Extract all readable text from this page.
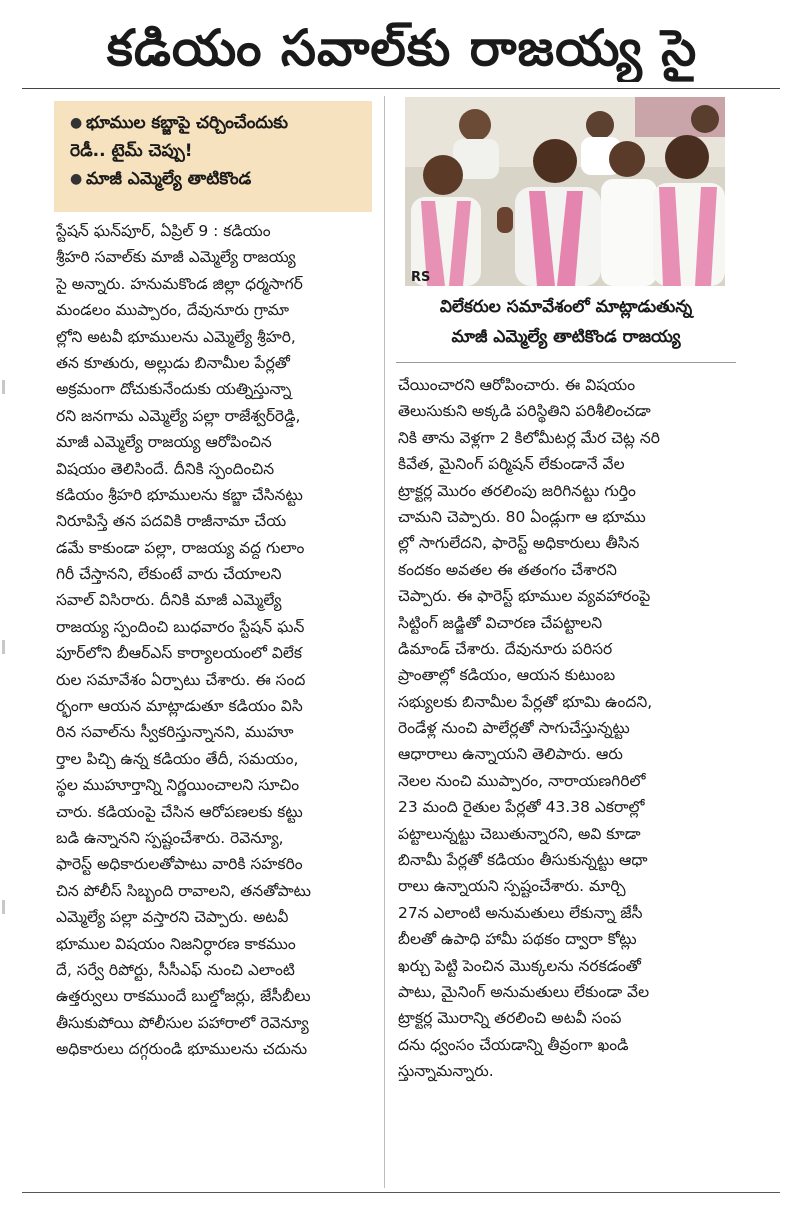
కడియం సవాల్‌కు రాజయ్య సై
● భూముల కబ్జాపై చర్చించేందుకు
రెడీ.. టైమ్ చెప్పు!
● మాజీ ఎమ్మెల్యే తాటికొండ
RS
విలేకరుల సమావేశంలో మాట్లాడుతున్న
మాజీ ఎమ్మెల్యే తాటికొండ రాజయ్య
స్టేషన్ ఘన్‌పూర్, ఏప్రిల్ 9 : కడియం
శ్రీహరి సవాల్‌కు మాజీ ఎమ్మెల్యే రాజయ్య
సై అన్నారు. హనుమకొండ జిల్లా ధర్మసాగర్
మండలం ముప్పారం, దేవునూరు గ్రామా
ల్లోని అటవీ భూములను ఎమ్మెల్యే శ్రీహరి,
తన కూతురు, అల్లుడు బినామీల పేర్లతో
అక్రమంగా దోచుకునేందుకు యత్నిస్తున్నా
రని జనగామ ఎమ్మెల్యే పల్లా రాజేశ్వర్‌రెడ్డి,
మాజీ ఎమ్మెల్యే రాజయ్య ఆరోపించిన
విషయం తెలిసిందే. దీనికి స్పందించిన
కడియం శ్రీహరి భూములను కబ్జా చేసినట్టు
నిరూపిస్తే తన పదవికి రాజీనామా చేయ
డమే కాకుండా పల్లా, రాజయ్య వద్ద గులాం
గిరీ చేస్తానని, లేకుంటే వారు చేయాలని
సవాల్ విసిరారు. దీనికి మాజీ ఎమ్మెల్యే
రాజయ్య స్పందించి బుధవారం స్టేషన్ ఘన్
పూర్‌లోని బీఆర్ఎస్ కార్యాలయంలో విలేక
రుల సమావేశం ఏర్పాటు చేశారు. ఈ సంద
ర్భంగా ఆయన మాట్లాడుతూ కడియం విసి
రిన సవాల్‌ను స్వీకరిస్తున్నానని, ముహూ
ర్తాల పిచ్చి ఉన్న కడియం తేదీ, సమయం,
స్థల ముహూర్తాన్ని నిర్ణయించాలని సూచిం
చారు. కడియంపై చేసిన ఆరోపణలకు కట్టు
బడి ఉన్నానని స్పష్టంచేశారు. రెవెన్యూ,
ఫారెస్ట్ అధికారులతోపాటు వారికి సహకరిం
చిన పోలీస్ సిబ్బంది రావాలని, తనతోపాటు
ఎమ్మెల్యే పల్లా వస్తారని చెప్పారు. అటవీ
భూముల విషయం నిజనిర్ధారణ కాకముం
దే, సర్వే రిపోర్టు, సీసీఎఫ్ నుంచి ఎలాంటి
ఉత్తర్వులు రాకముందే బుల్డోజర్లు, జేసీబీలు
తీసుకుపోయి పోలీసుల పహారాలో రెవెన్యూ
అధికారులు దగ్గరుండి భూములను చదును
చేయించారని ఆరోపించారు. ఈ విషయం
తెలుసుకుని అక్కడి పరిస్థితిని పరిశీలించడా
నికి తాను వెళ్లగా 2 కిలోమీటర్ల మేర చెట్ల నరి
కివేత, మైనింగ్ పర్మిషన్ లేకుండానే వేల
ట్రాక్టర్ల మొరం తరలింపు జరిగినట్టు గుర్తిం
చామని చెప్పారు. 80 ఏండ్లుగా ఆ భూము
ల్లో సాగులేదని, ఫారెస్ట్ అధికారులు తీసిన
కందకం అవతల ఈ తతంగం చేశారని
చెప్పారు. ఈ ఫారెస్ట్ భూముల వ్యవహారంపై
సిట్టింగ్ జడ్జితో విచారణ చేపట్టాలని
డిమాండ్ చేశారు. దేవునూరు పరిసర
ప్రాంతాల్లో కడియం, ఆయన కుటుంబ
సభ్యులకు బినామీల పేర్లతో భూమి ఉందని,
రెండేళ్ల నుంచి పాలేర్లతో సాగుచేస్తున్నట్టు
ఆధారాలు ఉన్నాయని తెలిపారు. ఆరు
నెలల నుంచి ముప్పారం, నారాయణగిరిలో
23 మంది రైతుల పేర్లతో 43.38 ఎకరాల్లో
పట్టాలున్నట్టు చెబుతున్నారని, అవి కూడా
బినామీ పేర్లతో కడియం తీసుకున్నట్టు ఆధా
రాలు ఉన్నాయని స్పష్టంచేశారు. మార్చి
27న ఎలాంటి అనుమతులు లేకున్నా జేసీ
బీలతో ఉపాధి హామీ పథకం ద్వారా కోట్లు
ఖర్చు పెట్టి పెంచిన మొక్కలను నరకడంతో
పాటు, మైనింగ్ అనుమతులు లేకుండా వేల
ట్రాక్టర్ల మొరాన్ని తరలించి అటవీ సంప
దను ధ్వంసం చేయడాన్ని తీవ్రంగా ఖండి
స్తున్నామన్నారు.
